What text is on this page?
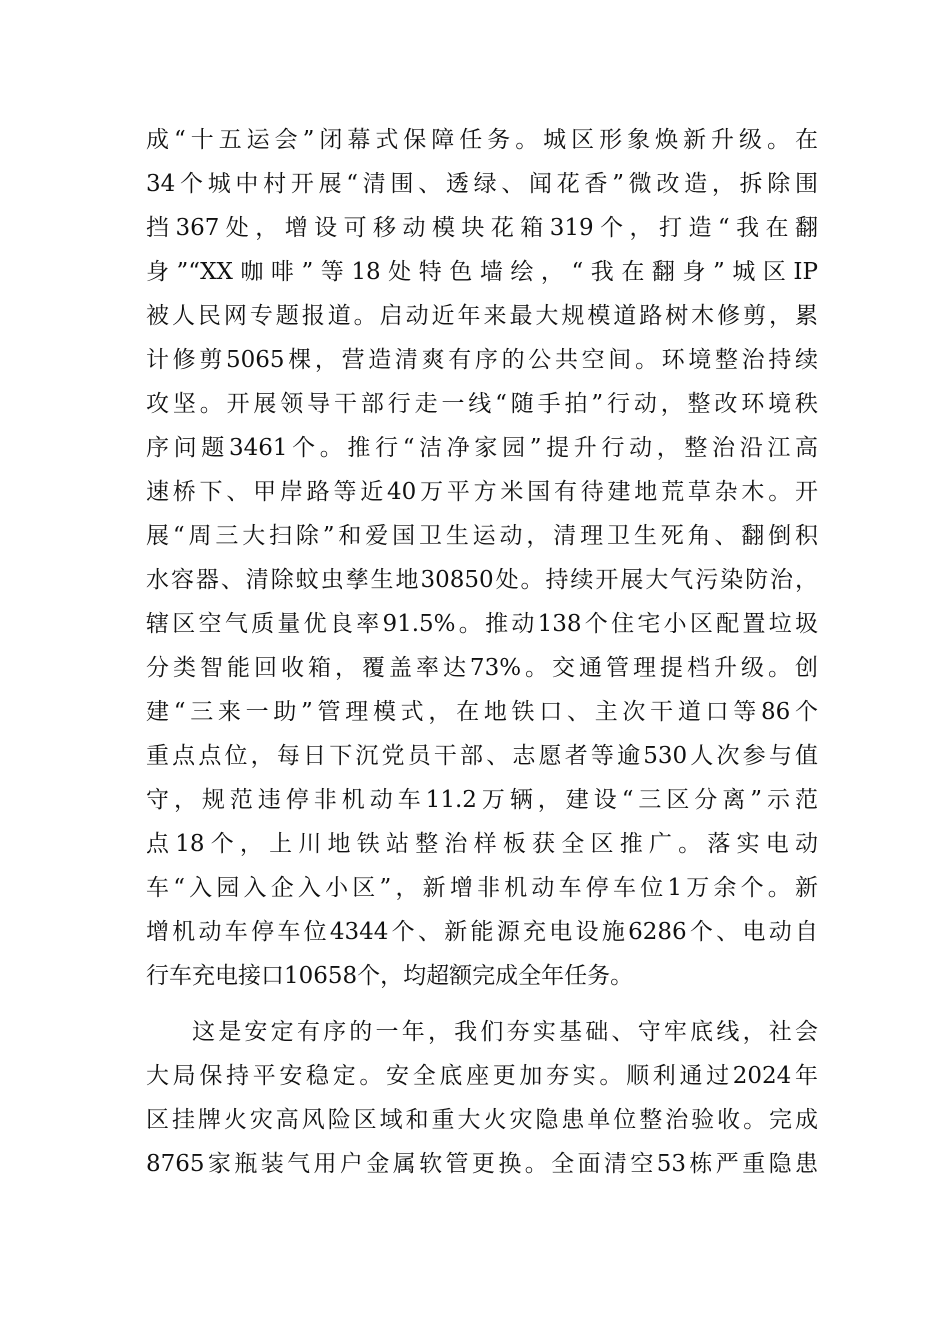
成“十五运会”闭幕式保障任务。城区形象焕新升级。在
34个城中村开展“清围、透绿、闻花香”微改造，拆除围
挡367处，增设可移动模块花箱319个，打造“我在翻
身”“XX咖啡”等18处特色墙绘，“我在翻身”城区IP
被人民网专题报道。启动近年来最大规模道路树木修剪，累
计修剪5065棵，营造清爽有序的公共空间。环境整治持续
攻坚。开展领导干部行走一线“随手拍”行动，整改环境秩
序问题3461个。推行“洁净家园”提升行动，整治沿江高
速桥下、甲岸路等近40万平方米国有待建地荒草杂木。开
展“周三大扫除”和爱国卫生运动，清理卫生死角、翻倒积
水容器、清除蚊虫孳生地30850处。持续开展大气污染防治，
辖区空气质量优良率91.5%。推动138个住宅小区配置垃圾
分类智能回收箱，覆盖率达73%。交通管理提档升级。创
建“三来一助”管理模式，在地铁口、主次干道口等86个
重点点位，每日下沉党员干部、志愿者等逾530人次参与值
守，规范违停非机动车11.2万辆，建设“三区分离”示范
点18个，上川地铁站整治样板获全区推广。落实电动
车“入园入企入小区”，新增非机动车停车位1万余个。新
增机动车停车位4344个、新能源充电设施6286个、电动自
行车充电接口10658个，均超额完成全年任务。
这是安定有序的一年，我们夯实基础、守牢底线，社会
大局保持平安稳定。安全底座更加夯实。顺利通过2024年
区挂牌火灾高风险区域和重大火灾隐患单位整治验收。完成
8765家瓶装气用户金属软管更换。全面清空53栋严重隐患
